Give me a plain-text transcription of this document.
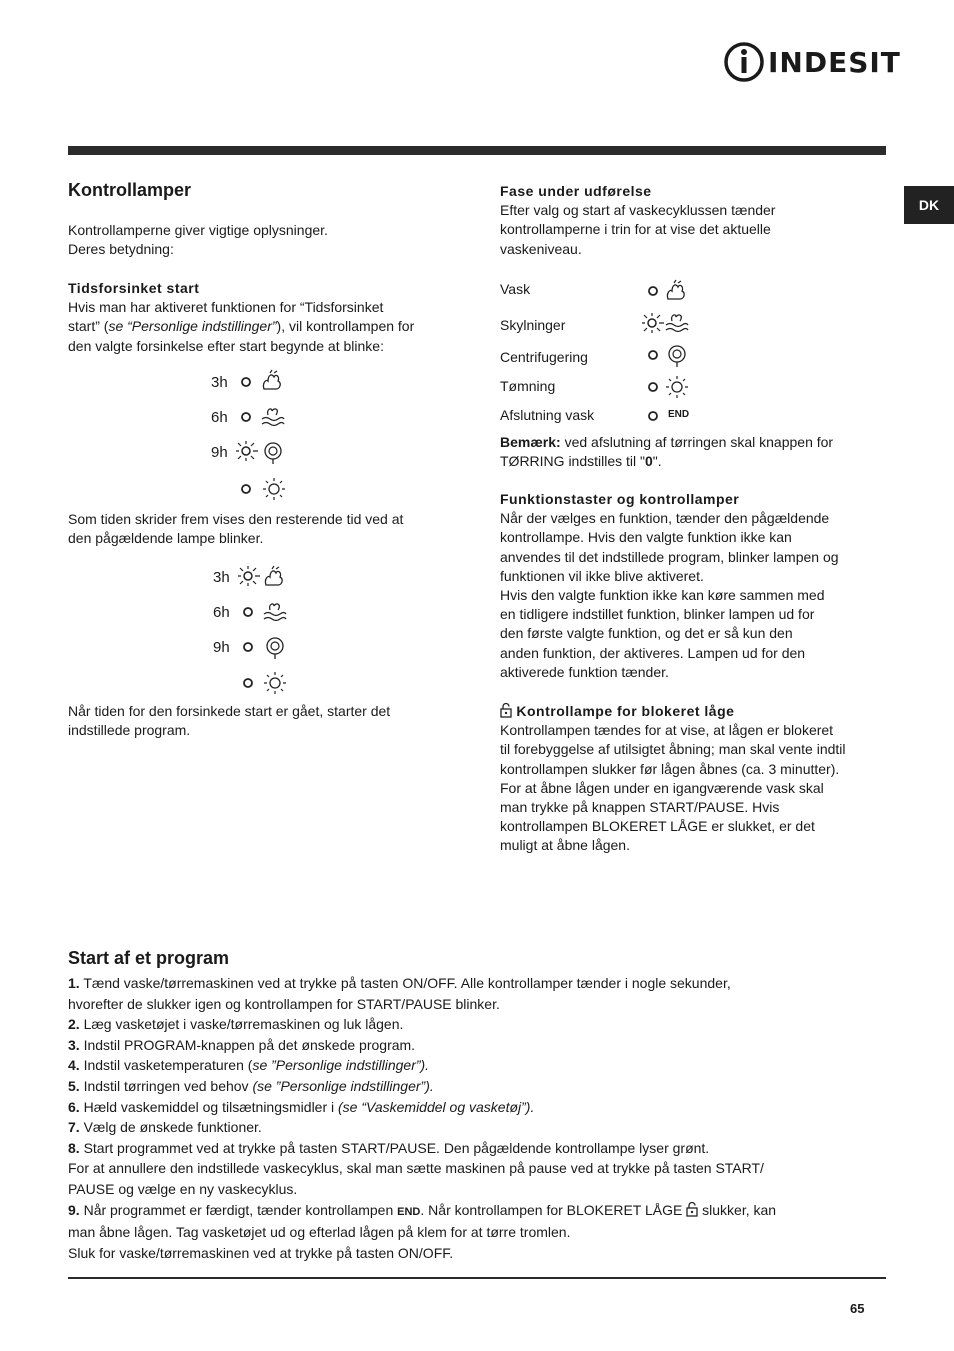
INDESIT
DK
Kontrollamper

Kontrollamperne giver vigtige oplysninger.

Deres betydning:

Tidsforsinket start

Hvis man har aktiveret funktionen for “Tidsforsinket

start” (se “Personlige indstillinger”), vil kontrollampen for

den valgte forsinkelse efter start begynde at blinke:

3h
6h
9h

Som tiden skrider frem vises den resterende tid ved at

den pågældende lampe blinker.

3h
6h
9h

Når tiden for den forsinkede start er gået, starter det

indstillede program.

Fase under udførelse

Efter valg og start af vaskecyklussen tænder

kontrollamperne i trin for at vise det aktuelle

vaskeniveau.

Vask
Skylninger
Centrifugering
Tømning
Afslutning vask	END

Bemærk: ved afslutning af tørringen skal knappen for

TØRRING indstilles til "0".

Funktionstaster og kontrollamper

Når der vælges en funktion, tænder den pågældende

kontrollampe. Hvis den valgte funktion ikke kan

anvendes til det indstillede program, blinker lampen og

funktionen vil ikke blive aktiveret.

Hvis den valgte funktion ikke kan køre sammen med

en tidligere indstillet funktion, blinker lampen ud for

den første valgte funktion, og det er så kun den

anden funktion, der aktiveres. Lampen ud for den

aktiverede funktion tænder.

Kontrollampe for blokeret låge

Kontrollampen tændes for at vise, at lågen er blokeret

til forebyggelse af utilsigtet åbning; man skal vente indtil

kontrollampen slukker før lågen åbnes (ca. 3 minutter).

For at åbne lågen under en igangværende vask skal

man trykke på knappen START/PAUSE. Hvis

kontrollampen BLOKERET LÅGE er slukket, er det

muligt at åbne lågen.

Start af et program

1. Tænd vaske/tørremaskinen ved at trykke på tasten ON/OFF. Alle kontrollamper tænder i nogle sekunder,

hvorefter de slukker igen og kontrollampen for START/PAUSE blinker.

2. Læg vasketøjet i vaske/tørremaskinen og luk lågen.

3. Indstil PROGRAM-knappen på det ønskede program.

4. Indstil vasketemperaturen (se ”Personlige indstillinger”).

5. Indstil tørringen ved behov (se ”Personlige indstillinger”).

6. Hæld vaskemiddel og tilsætningsmidler i (se “Vaskemiddel og vasketøj”).

7. Vælg de ønskede funktioner.

8. Start programmet ved at trykke på tasten START/PAUSE. Den pågældende kontrollampe lyser grønt.

For at annullere den indstillede vaskecyklus, skal man sætte maskinen på pause ved at trykke på tasten START/

PAUSE og vælge en ny vaskecyklus.

9. Når programmet er færdigt, tænder kontrollampen END. Når kontrollampen for BLOKERET LÅGE  slukker, kan

man åbne lågen. Tag vasketøjet ud og efterlad lågen på klem for at tørre tromlen.

Sluk for vaske/tørremaskinen ved at trykke på tasten ON/OFF.

65
